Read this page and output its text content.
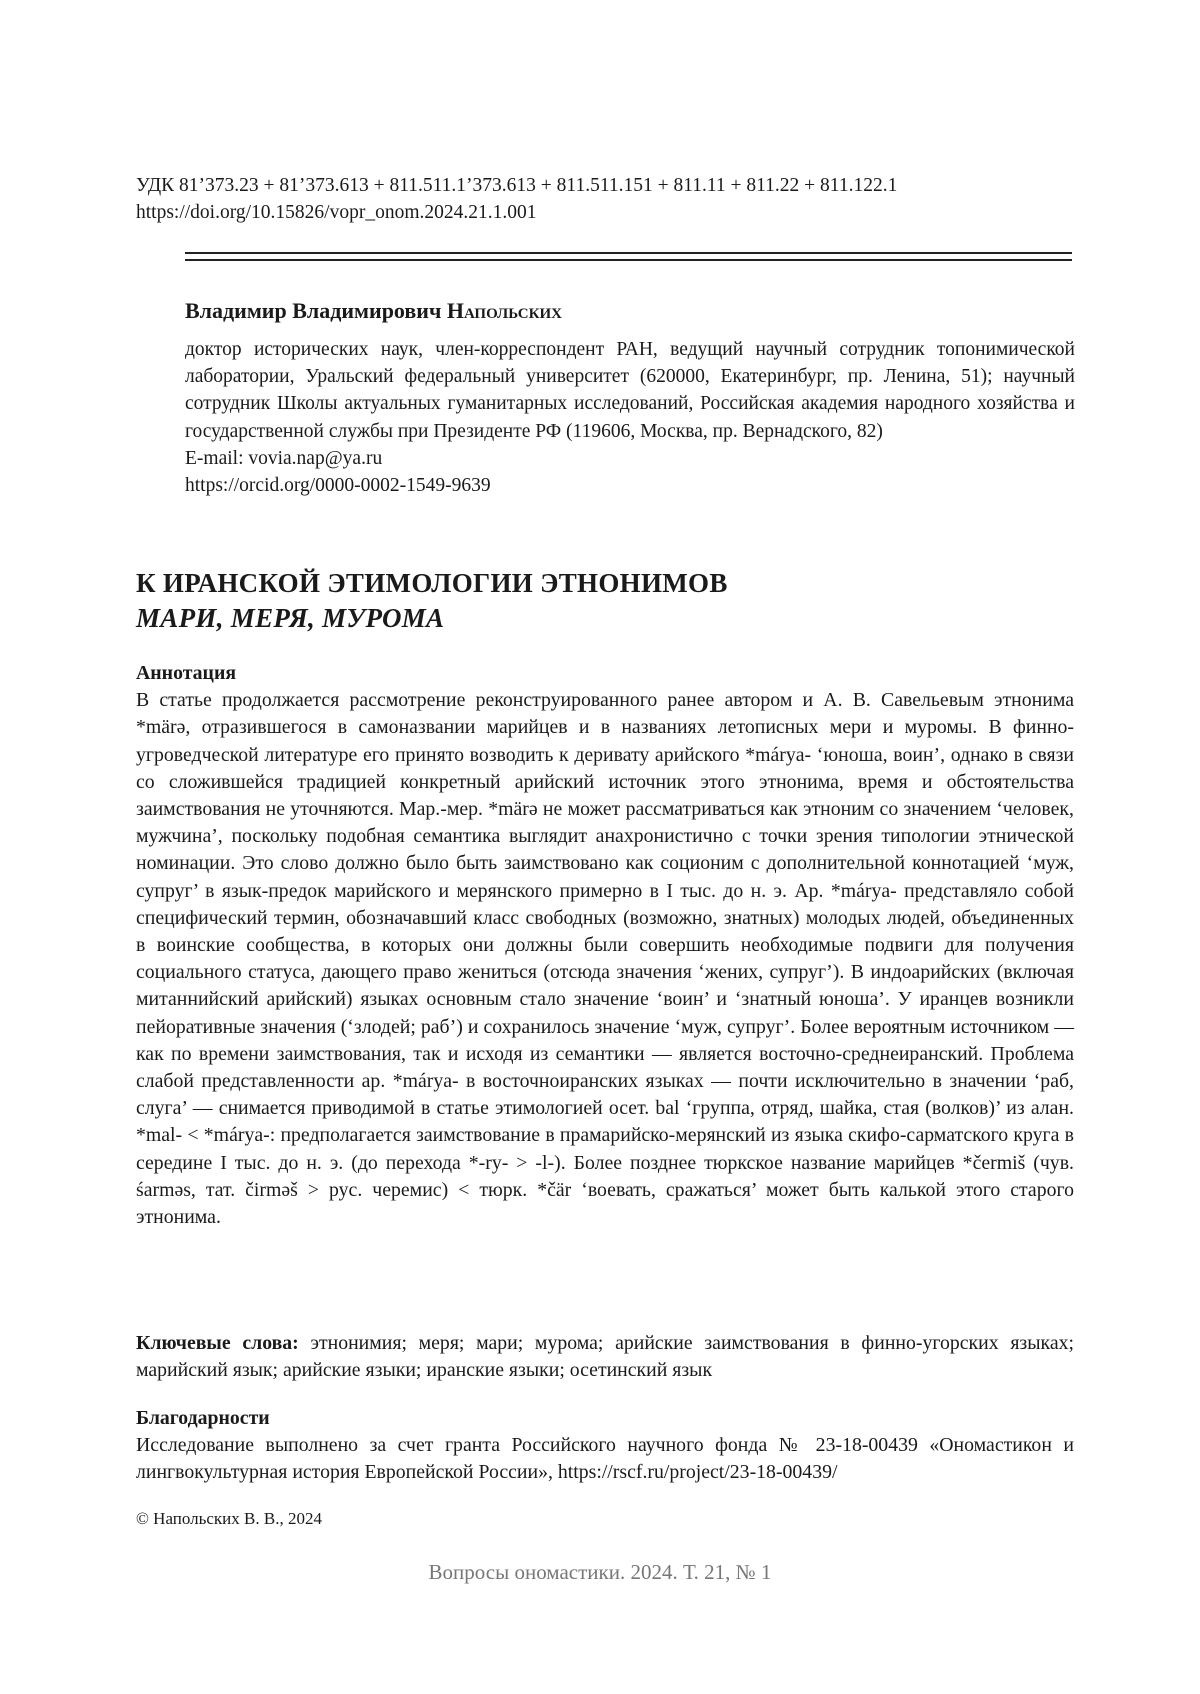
УДК 81’373.23 + 81’373.613 + 811.511.1’373.613 + 811.511.151 + 811.11 + 811.22 + 811.122.1
https://doi.org/10.15826/vopr_onom.2024.21.1.001
Владимир Владимирович Напольских
доктор исторических наук, член-корреспондент РАН, ведущий научный сотрудник топонимической лаборатории, Уральский федеральный университет (620000, Екатеринбург, пр. Ленина, 51); научный сотрудник Школы актуальных гуманитарных исследований, Российская академия народного хозяйства и государственной службы при Президенте РФ (119606, Москва, пр. Вернадского, 82)
E-mail: vovia.nap@ya.ru
https://orcid.org/0000-0002-1549-9639
К ИРАНСКОЙ ЭТИМОЛОГИИ ЭТНОНИМОВ
МАРИ, МЕРЯ, МУРОМА
Аннотация
В статье продолжается рассмотрение реконструированного ранее автором и А. В. Савельевым этнонима *märə, отразившегося в самоназвании марийцев и в названиях летописных мери и муромы. В финно-угроведческой литературе его принято возводить к деривату арийского *márya- ‘юноша, воин’, однако в связи со сложившейся традицией конкретный арийский источник этого этнонима, время и обстоятельства заимствования не уточняются. Мар.-мер. *märə не может рассматриваться как этноним со значением ‘человек, мужчина’, поскольку подобная семантика выглядит анахронистично с точки зрения типологии этнической номинации. Это слово должно было быть заимствовано как соционим с дополнительной коннотацией ‘муж, супруг’ в язык-предок марийского и мерянского примерно в I тыс. до н. э. Ар. *márya- представляло собой специфический термин, обозначавший класс свободных (возможно, знатных) молодых людей, объединенных в воинские сообщества, в которых они должны были совершить необходимые подвиги для получения социального статуса, дающего право жениться (отсюда значения ‘жених, супруг’). В индоарийских (включая митаннийский арийский) языках основным стало значение ‘воин’ и ‘знатный юноша’. У иранцев возникли пейоративные значения (‘злодей; раб’) и сохранилось значение ‘муж, супруг’. Более вероятным источником — как по времени заимствования, так и исходя из семантики — является восточно-среднеиранский. Проблема слабой представленности ар. *márya- в восточноиранских языках — почти исключительно в значении ‘раб, слуга’ — снимается приводимой в статье этимологией осет. bal ‘группа, отряд, шайка, стая (волков)’ из алан. *mal- < *márya-: предполагается заимствование в прамарийско-мерянский из языка скифо-сарматского круга в середине I тыс. до н. э. (до перехода *-ry- > -l-). Более позднее тюркское название марийцев *čermiš (чув. śarməs, тат. čirməš > рус. черемис) < тюрк. *čär ‘воевать, сражаться’ может быть калькой этого старого этнонима.
Ключевые слова: этнонимия; меря; мари; мурома; арийские заимствования в финно-угорских языках; марийский язык; арийские языки; иранские языки; осетинский язык
Благодарности
Исследование выполнено за счет гранта Российского научного фонда № 23-18-00439 «Ономастикон и лингвокультурная история Европейской России», https://rscf.ru/project/23-18-00439/
© Напольских В. В., 2024
Вопросы ономастики. 2024. Т. 21, № 1
